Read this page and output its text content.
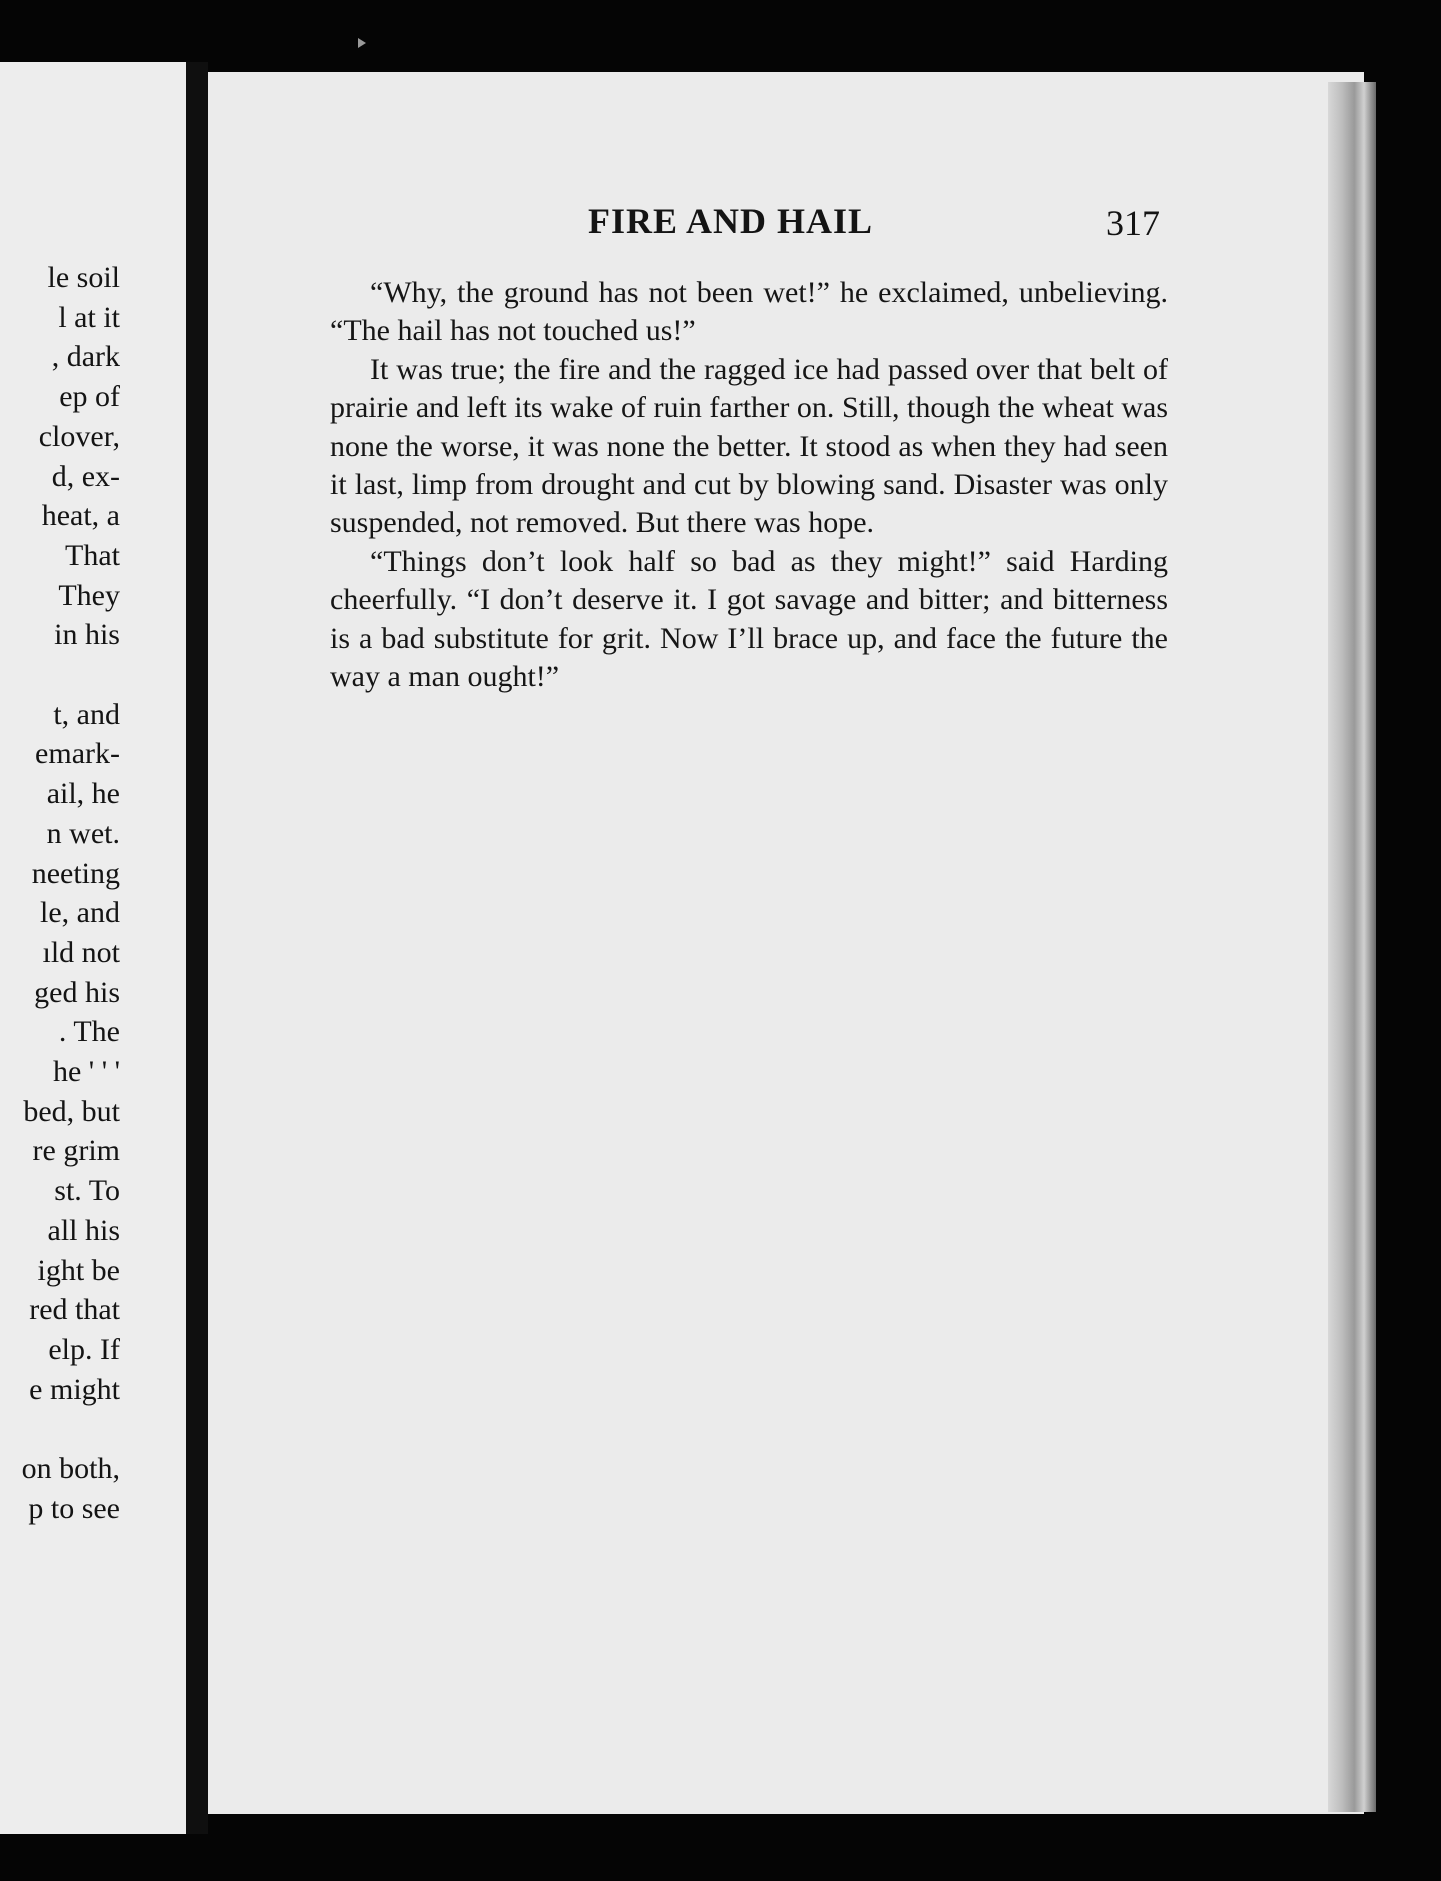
le soil
l at it
, dark
ep of
clover,
d, ex-
heat, a
That
They
in his

t, and
emark-
ail, he
n wet.
neeting
le, and
ıld not
ged his
. The
he ' ' '
bed, but
re grim
st. To
all his
ight be
red that
elp. If
e might

on both,
p to see
FIRE AND HAIL	317

“Why, the ground has not been wet!” he exclaimed, unbelieving. “The hail has not touched us!”

It was true; the fire and the ragged ice had passed over that belt of prairie and left its wake of ruin farther on. Still, though the wheat was none the worse, it was none the better. It stood as when they had seen it last, limp from drought and cut by blowing sand. Disaster was only suspended, not removed. But there was hope.

“Things don’t look half so bad as they might!” said Harding cheerfully. “I don’t deserve it. I got savage and bitter; and bitterness is a bad substitute for grit. Now I’ll brace up, and face the future the way a man ought!”
